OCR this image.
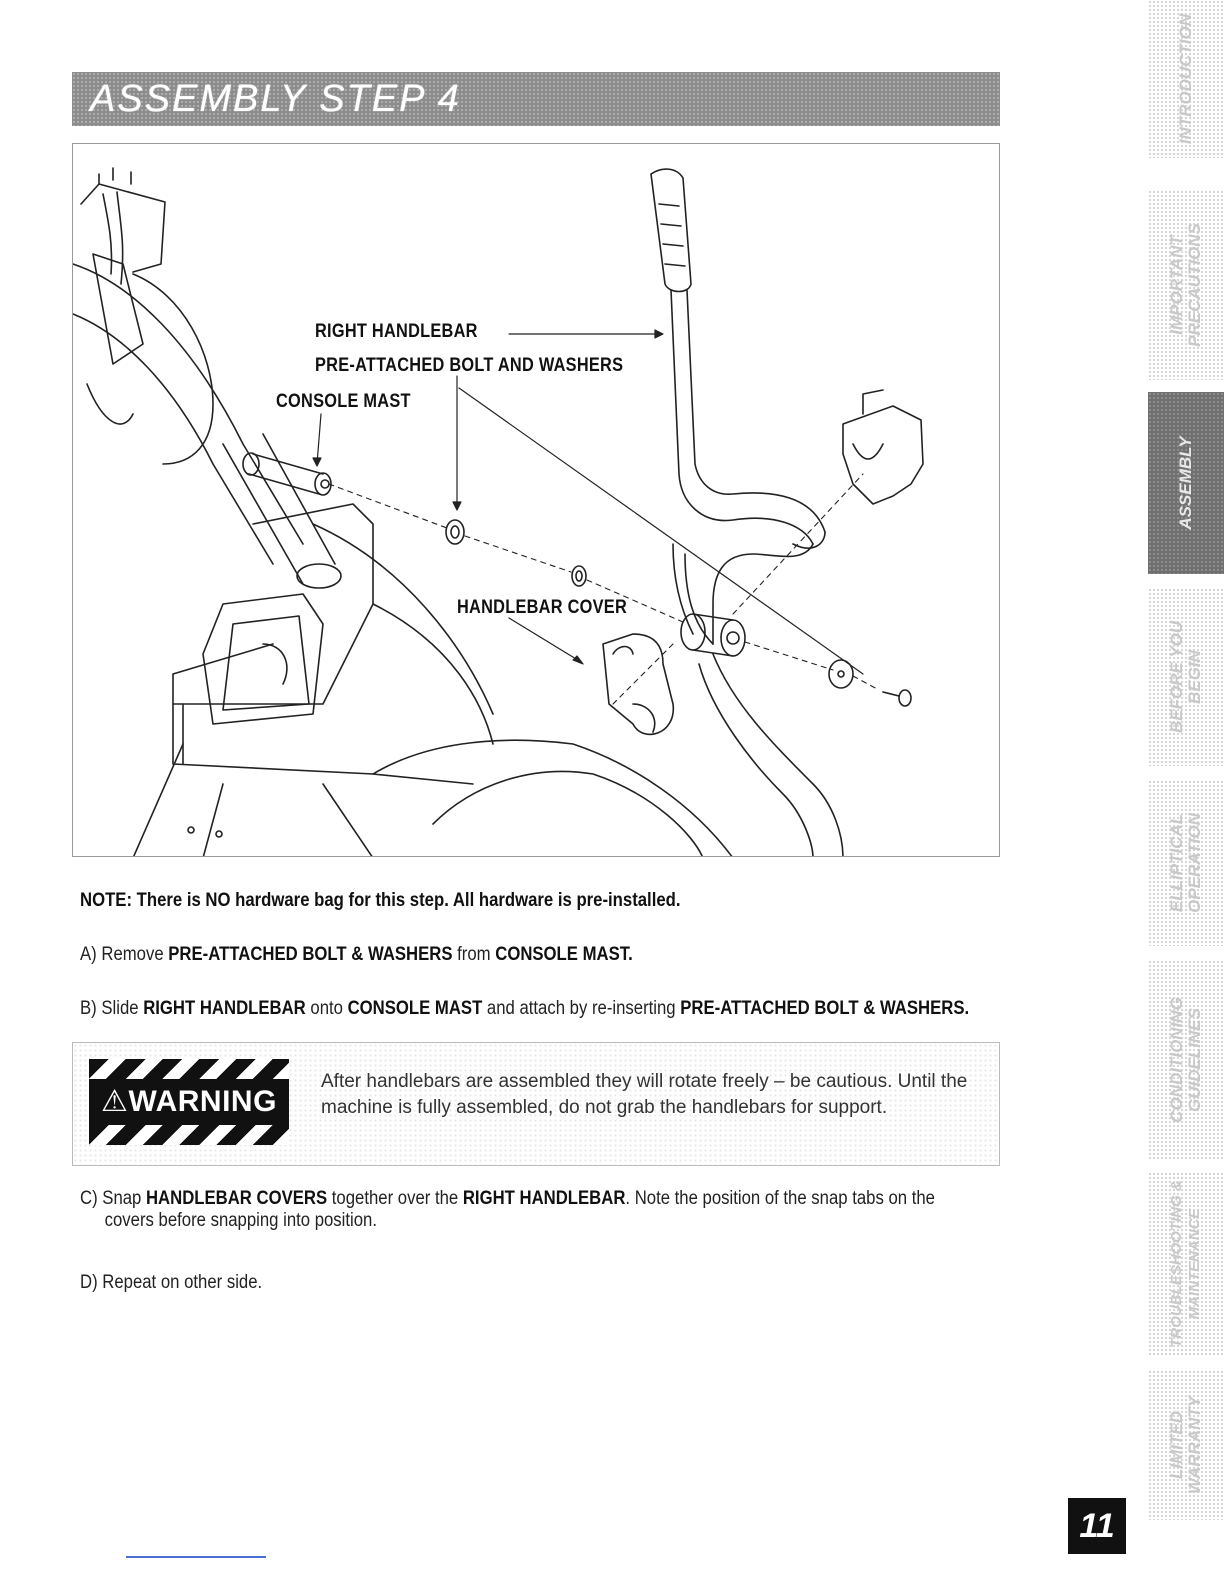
ASSEMBLY STEP 4
RIGHT HANDLEBAR
PRE-ATTACHED BOLT AND WASHERS
CONSOLE MAST
HANDLEBAR COVER
NOTE: There is NO hardware bag for this step. All hardware is pre-installed.
A) Remove PRE-ATTACHED BOLT & WASHERS from CONSOLE MAST.
B) Slide RIGHT HANDLEBAR onto CONSOLE MAST and attach by re-inserting PRE-ATTACHED BOLT & WASHERS.
⚠WARNING
After handlebars are assembled they will rotate freely – be cautious. Until the machine is fully assembled, do not grab the handlebars for support.
C) Snap HANDLEBAR COVERS together over the RIGHT HANDLEBAR. Note the position of the snap tabs on the
covers before snapping into position.
D) Repeat on other side.
INTRODUCTION
IMPORTANT PRECAUTIONS
ASSEMBLY
BEFORE YOU BEGIN
ELLIPTICAL OPERATION
CONDITIONING GUIDELINES
TROUBLESHOOTING & MAINTENANCE
LIMITED WARRANTY
11
